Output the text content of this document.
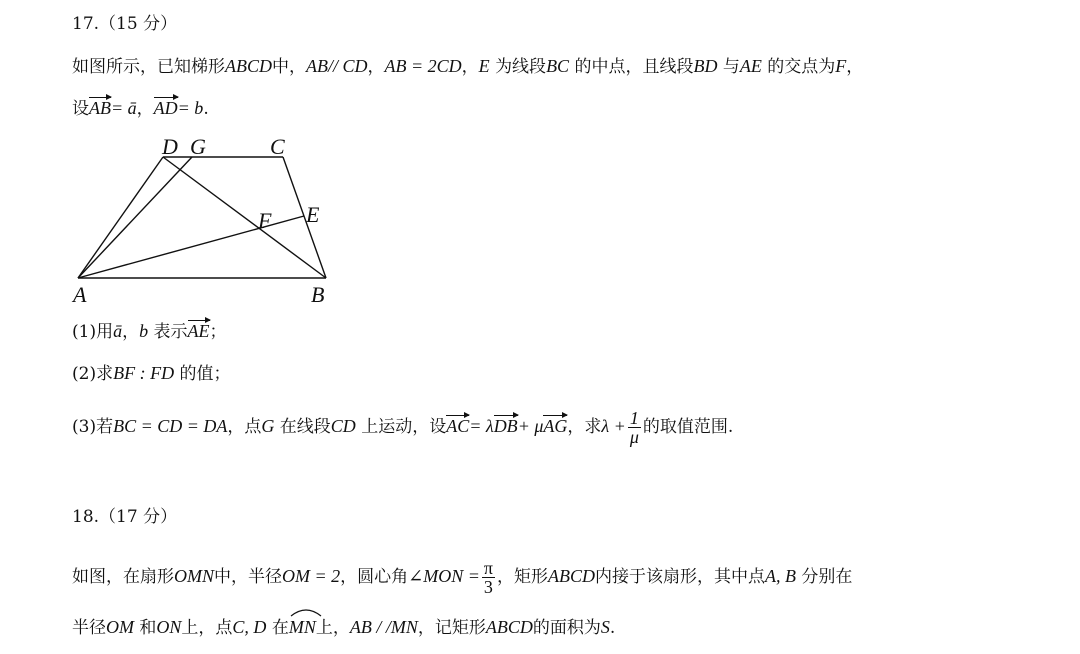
17.（15 分）
如图所示，已知梯形ABCD中，AB// CD，AB = 2CD，E 为线段BC 的中点，且线段BD 与AE 的交点为F，
设AB= ā，AD= b.
A	B
C
D G
E
F
(1)用ā，b 表示AE；
(2)求BF : FD 的值；
(3)若BC = CD = DA，点G 在线段CD 上运动，设AC= λDB+ μAG，求$\lambda + \frac{1}{\mu}$ 的取值范围.
18.（17 分）
如图，在扇形OMN中，半径OM = 2，圆心角∠MON = $\frac{\pi}{3}$ ，矩形ABCD内接于该扇形，其中点A, B 分别在
半径OM 和ON上，点C, D 在
MN上，AB / /MN，记矩形ABCD的面积为S.
